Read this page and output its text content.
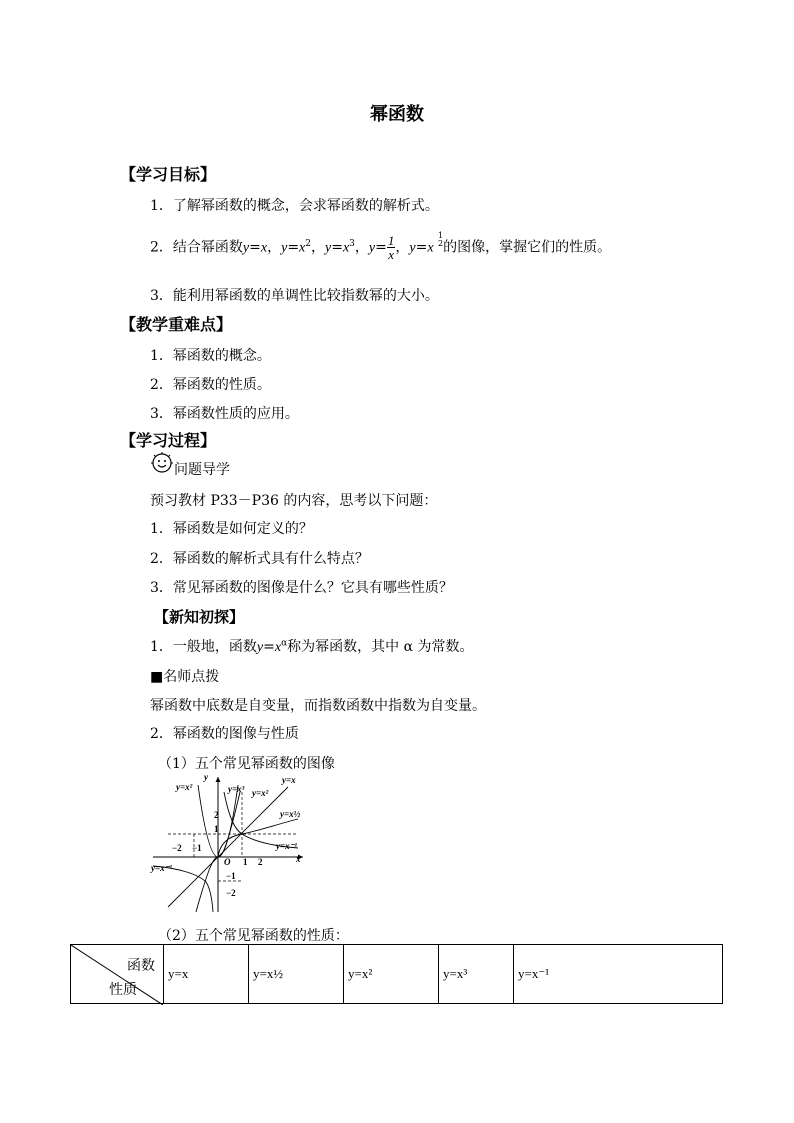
幂函数
【学习目标】
1．了解幂函数的概念，会求幂函数的解析式。
2．结合幂函数y=x，$y=x^2$，$y=x^3$，$y= \frac{1}{x}$ ，y=x 1
2的图像，掌握它们的性质。
3．能利用幂函数的单调性比较指数幂的大小。
【教学重难点】
1．幂函数的概念。
2．幂函数的性质。
3．幂函数性质的应用。
【学习过程】
问题导学
预习教材 P33－P36 的内容，思考以下问题：
1．幂函数是如何定义的？
2．幂函数的解析式具有什么特点？
3．常见幂函数的图像是什么？它具有哪些性质？
【新知初探】
1．一般地，函数$y=x^\alpha$称为幂函数，其中 α 为常数。
■名师点拨
幂函数中底数是自变量，而指数函数中指数为自变量。
2．幂函数的图像与性质
（1）五个常见幂函数的图像
y
x
O
−2 −1
1 2
2
1
−1
−2
y=x²	y=x³ y=x²
y=x
y=x½
y=x⁻¹
y=x⁻¹
（2）五个常见幂函数的性质：
函数
性质
	y=x	y=x½	y=x²	y=x³	y=x⁻¹
